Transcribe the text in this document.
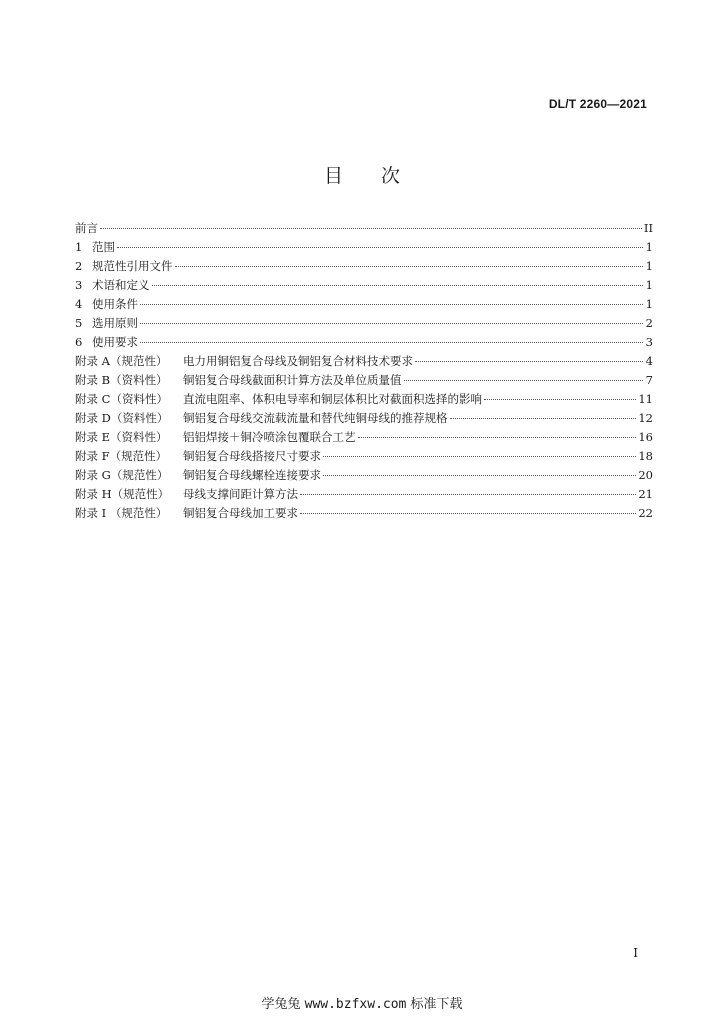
DL/T 2260—2021
目　　次
前言	II
1 范围	1
2 规范性引用文件	1
3 术语和定义	1
4 使用条件	1
5 选用原则	2
6 使用要求	3
附录 A（规范性）	电力用铜铝复合母线及铜铝复合材料技术要求	4
附录 B（资料性）	铜铝复合母线截面积计算方法及单位质量值	7
附录 C（资料性）	直流电阻率、体积电导率和铜层体积比对截面积选择的影响	11
附录 D（资料性）	铜铝复合母线交流载流量和替代纯铜母线的推荐规格	12
附录 E（资料性）	铝铝焊接＋铜冷喷涂包覆联合工艺	16
附录 F（规范性）	铜铝复合母线搭接尺寸要求	18
附录 G（规范性）	铜铝复合母线螺栓连接要求	20
附录 H（规范性）	母线支撑间距计算方法	21
附录 I （规范性）	铜铝复合母线加工要求	22
I
学兔兔 www.bzfxw.com 标准下载
